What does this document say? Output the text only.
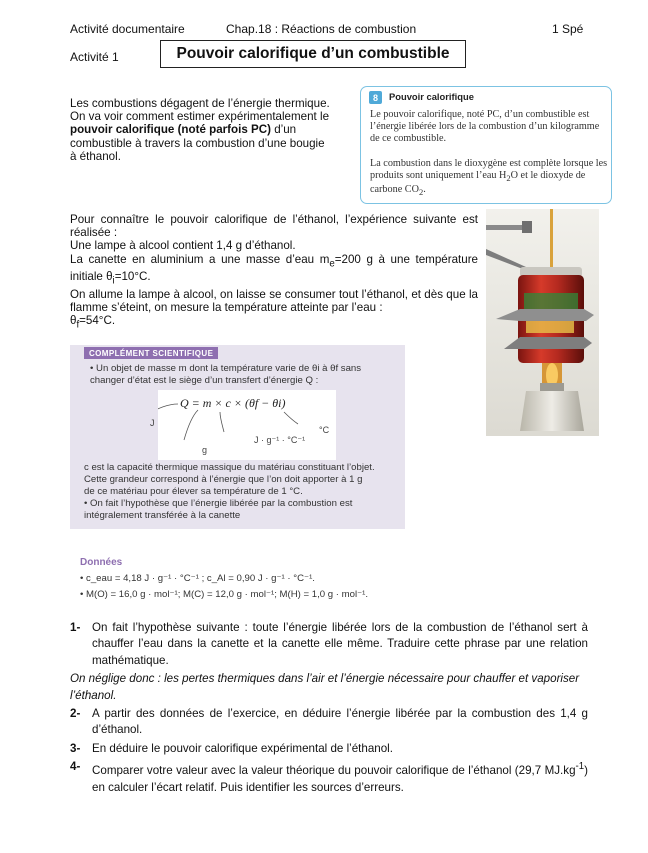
Activité documentaire	Chap.18 : Réactions de combustion	1 Spé
Activité 1	Pouvoir calorifique d’un combustible
Les combustions dégagent de l’énergie thermique.
On va voir comment estimer expérimentalement le
pouvoir calorifique (noté parfois PC) d’un
combustible à travers la combustion d’une bougie
à éthanol.
8	Pouvoir calorifique
Le pouvoir calorifique, noté PC, d’un combustible est l’énergie libérée lors de la combustion d’un kilogramme de ce combustible.
La combustion dans le dioxygène est complète lorsque les produits sont uniquement l’eau $H_2O$ et le dioxyde de carbone $CO_2$.

Pour connaître le pouvoir calorifique de l’éthanol, l’expérience suivante est réalisée :

Une lampe à alcool contient 1,4 g d’éthanol.

La canette en aluminium a une masse d’eau $m_e=200$ g à une température initiale $\theta_i=10^\circ C$.

On allume la lampe à alcool, on laisse se consumer tout l’éthanol, et dès que la flamme s’éteint, on mesure la température atteinte par l’eau :

$\theta_f=54^\circ C$.

COMPLÉMENT SCIENTIFIQUE
• Un objet de masse m dont la température varie de θi à θf sans
changer d’état est le siège d’un transfert d’énergie Q :
Q = m × c × (θf − θi)
J
g
°C
J · g⁻¹ · °C⁻¹
c est la capacité thermique massique du matériau constituant l’objet.
Cette grandeur correspond à l’énergie que l’on doit apporter à 1 g
de ce matériau pour élever sa température de 1 °C.
• On fait l’hypothèse que l’énergie libérée par la combustion est
intégralement transférée à la canette
Données
• c_eau = 4,18 J · g⁻¹ · °C⁻¹ ; c_Al = 0,90 J · g⁻¹ · °C⁻¹.
• M(O) = 16,0 g · mol⁻¹; M(C) = 12,0 g · mol⁻¹; M(H) = 1,0 g · mol⁻¹.
1- On fait l’hypothèse suivante : toute l’énergie libérée lors de la combustion de l’éthanol sert à chauffer l’eau dans la canette et la canette elle même. Traduire cette phrase par une relation mathématique.
On néglige donc : les pertes thermiques dans l’air et l’énergie nécessaire pour chauffer et vaporiser l’éthanol.
2- A partir des données de l’exercice, en déduire l’énergie libérée par la combustion des 1,4 g d’éthanol.
3- En déduire le pouvoir calorifique expérimental de l’éthanol.
4- Comparer votre valeur avec la valeur théorique du pouvoir calorifique de l’éthanol (29,7 $MJ.kg^{-1}$) en calculer l’écart relatif. Puis identifier les sources d’erreurs.
